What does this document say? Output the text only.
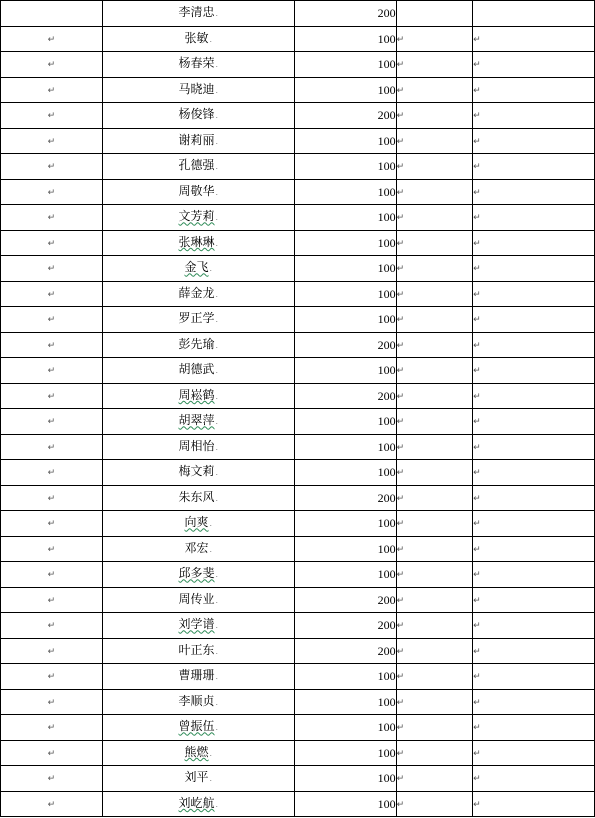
	李清忠.	200		
↵	张敏.	100	↵	↵
↵	杨春荣.	100	↵	↵
↵	马晓迪.	100	↵	↵
↵	杨俊锋.	200	↵	↵
↵	谢莉丽.	100	↵	↵
↵	孔德强.	100	↵	↵
↵	周敬华.	100	↵	↵
↵	文芳莉.	100	↵	↵
↵	张琳琳.	100	↵	↵
↵	金飞.	100	↵	↵
↵	薛金龙.	100	↵	↵
↵	罗正学.	100	↵	↵
↵	彭先瑜.	200	↵	↵
↵	胡德武.	100	↵	↵
↵	周崧鹤.	200	↵	↵
↵	胡翠萍.	100	↵	↵
↵	周相怡.	100	↵	↵
↵	梅文莉.	100	↵	↵
↵	朱东风.	200	↵	↵
↵	向爽.	100	↵	↵
↵	邓宏.	100	↵	↵
↵	邱多斐.	100	↵	↵
↵	周传业.	200	↵	↵
↵	刘学谱.	200	↵	↵
↵	叶正东.	200	↵	↵
↵	曹珊珊.	100	↵	↵
↵	李顺贞.	100	↵	↵
↵	曾振伍.	100	↵	↵
↵	熊燃.	100	↵	↵
↵	刘平.	100	↵	↵
↵	刘屹航.	100	↵	↵
